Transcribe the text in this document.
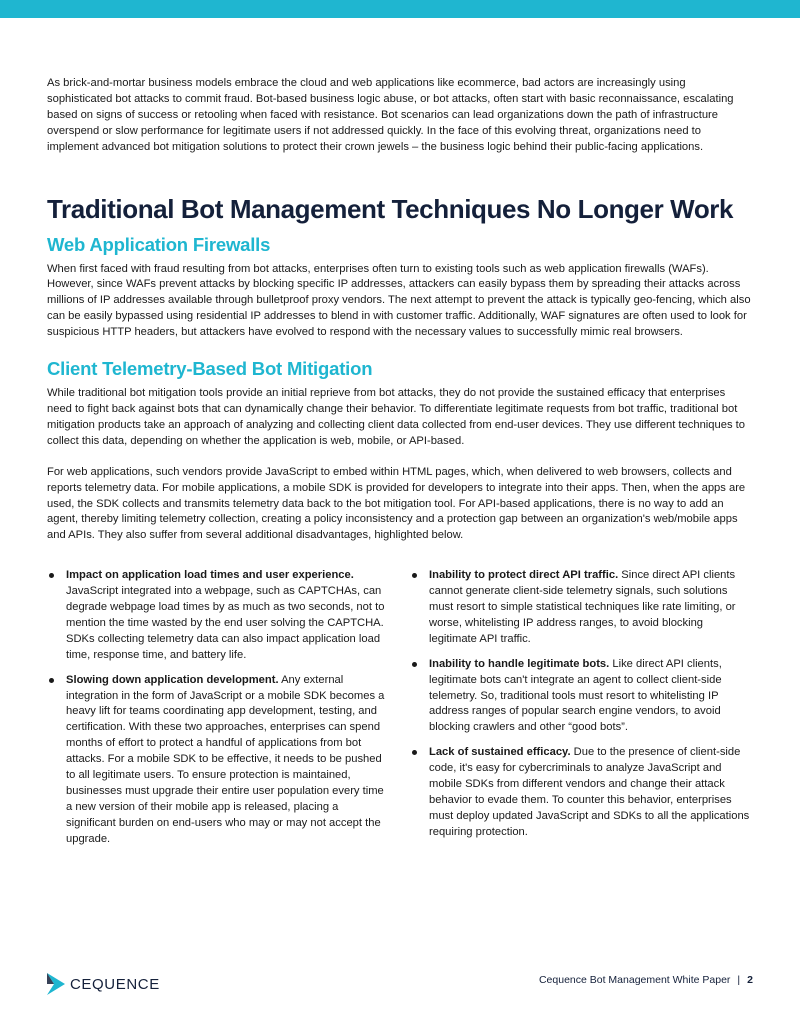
As brick-and-mortar business models embrace the cloud and web applications like ecommerce, bad actors are increasingly using sophisticated bot attacks to commit fraud. Bot-based business logic abuse, or bot attacks, often start with basic reconnaissance, escalating based on signs of success or retooling when faced with resistance. Bot scenarios can lead organizations down the path of infrastructure overspend or slow performance for legitimate users if not addressed quickly. In the face of this evolving threat, organizations need to implement advanced bot mitigation solutions to protect their crown jewels – the business logic behind their public-facing applications.

Traditional Bot Management Techniques No Longer Work
Web Application Firewalls

When first faced with fraud resulting from bot attacks, enterprises often turn to existing tools such as web application firewalls (WAFs). However, since WAFs prevent attacks by blocking specific IP addresses, attackers can easily bypass them by spreading their attacks across millions of IP addresses available through bulletproof proxy vendors. The next attempt to prevent the attack is typically geo-fencing, which also can be easily bypassed using residential IP addresses to blend in with customer traffic. Additionally, WAF signatures are often used to look for suspicious HTTP headers, but attackers have evolved to respond with the necessary values to successfully mimic real browsers.

Client Telemetry-Based Bot Mitigation

While traditional bot mitigation tools provide an initial reprieve from bot attacks, they do not provide the sustained efficacy that enterprises need to fight back against bots that can dynamically change their behavior. To differentiate legitimate requests from bot traffic, traditional bot mitigation products take an approach of analyzing and collecting client data collected from end-user devices. They use different techniques to collect this data, depending on whether the application is web, mobile, or API-based.

For web applications, such vendors provide JavaScript to embed within HTML pages, which, when delivered to web browsers, collects and reports telemetry data. For mobile applications, a mobile SDK is provided for developers to integrate into their apps. Then, when the apps are used, the SDK collects and transmits telemetry data back to the bot mitigation tool. For API-based applications, there is no way to add an agent, thereby limiting telemetry collection, creating a policy inconsistency and a protection gap between an organization's web/mobile apps and APIs. They also suffer from several additional disadvantages, highlighted below.

Impact on application load times and user experience. JavaScript integrated into a webpage, such as CAPTCHAs, can degrade webpage load times by as much as two seconds, not to mention the time wasted by the end user solving the CAPTCHA. SDKs collecting telemetry data can also impact application load time, response time, and battery life.
Slowing down application development. Any external integration in the form of JavaScript or a mobile SDK becomes a heavy lift for teams coordinating app development, testing, and certification. With these two approaches, enterprises can spend months of effort to protect a handful of applications from bot attacks. For a mobile SDK to be effective, it needs to be pushed to all legitimate users. To ensure protection is maintained, businesses must upgrade their entire user population every time a new version of their mobile app is released, placing a significant burden on end-users who may or may not accept the upgrade.
Inability to protect direct API traffic. Since direct API clients cannot generate client-side telemetry signals, such solutions must resort to simple statistical techniques like rate limiting, or worse, whitelisting IP address ranges, to avoid blocking legitimate API traffic.
Inability to handle legitimate bots. Like direct API clients, legitimate bots can't integrate an agent to collect client-side telemetry. So, traditional tools must resort to whitelisting IP address ranges of popular search engine vendors, to avoid blocking crawlers and other “good bots”.
Lack of sustained efficacy. Due to the presence of client-side code, it's easy for cybercriminals to analyze JavaScript and mobile SDKs from different vendors and change their attack behavior to evade them. To counter this behavior, enterprises must deploy updated JavaScript and SDKs to all the applications requiring protection.
CEQUENCE	Cequence Bot Management White Paper | 2
